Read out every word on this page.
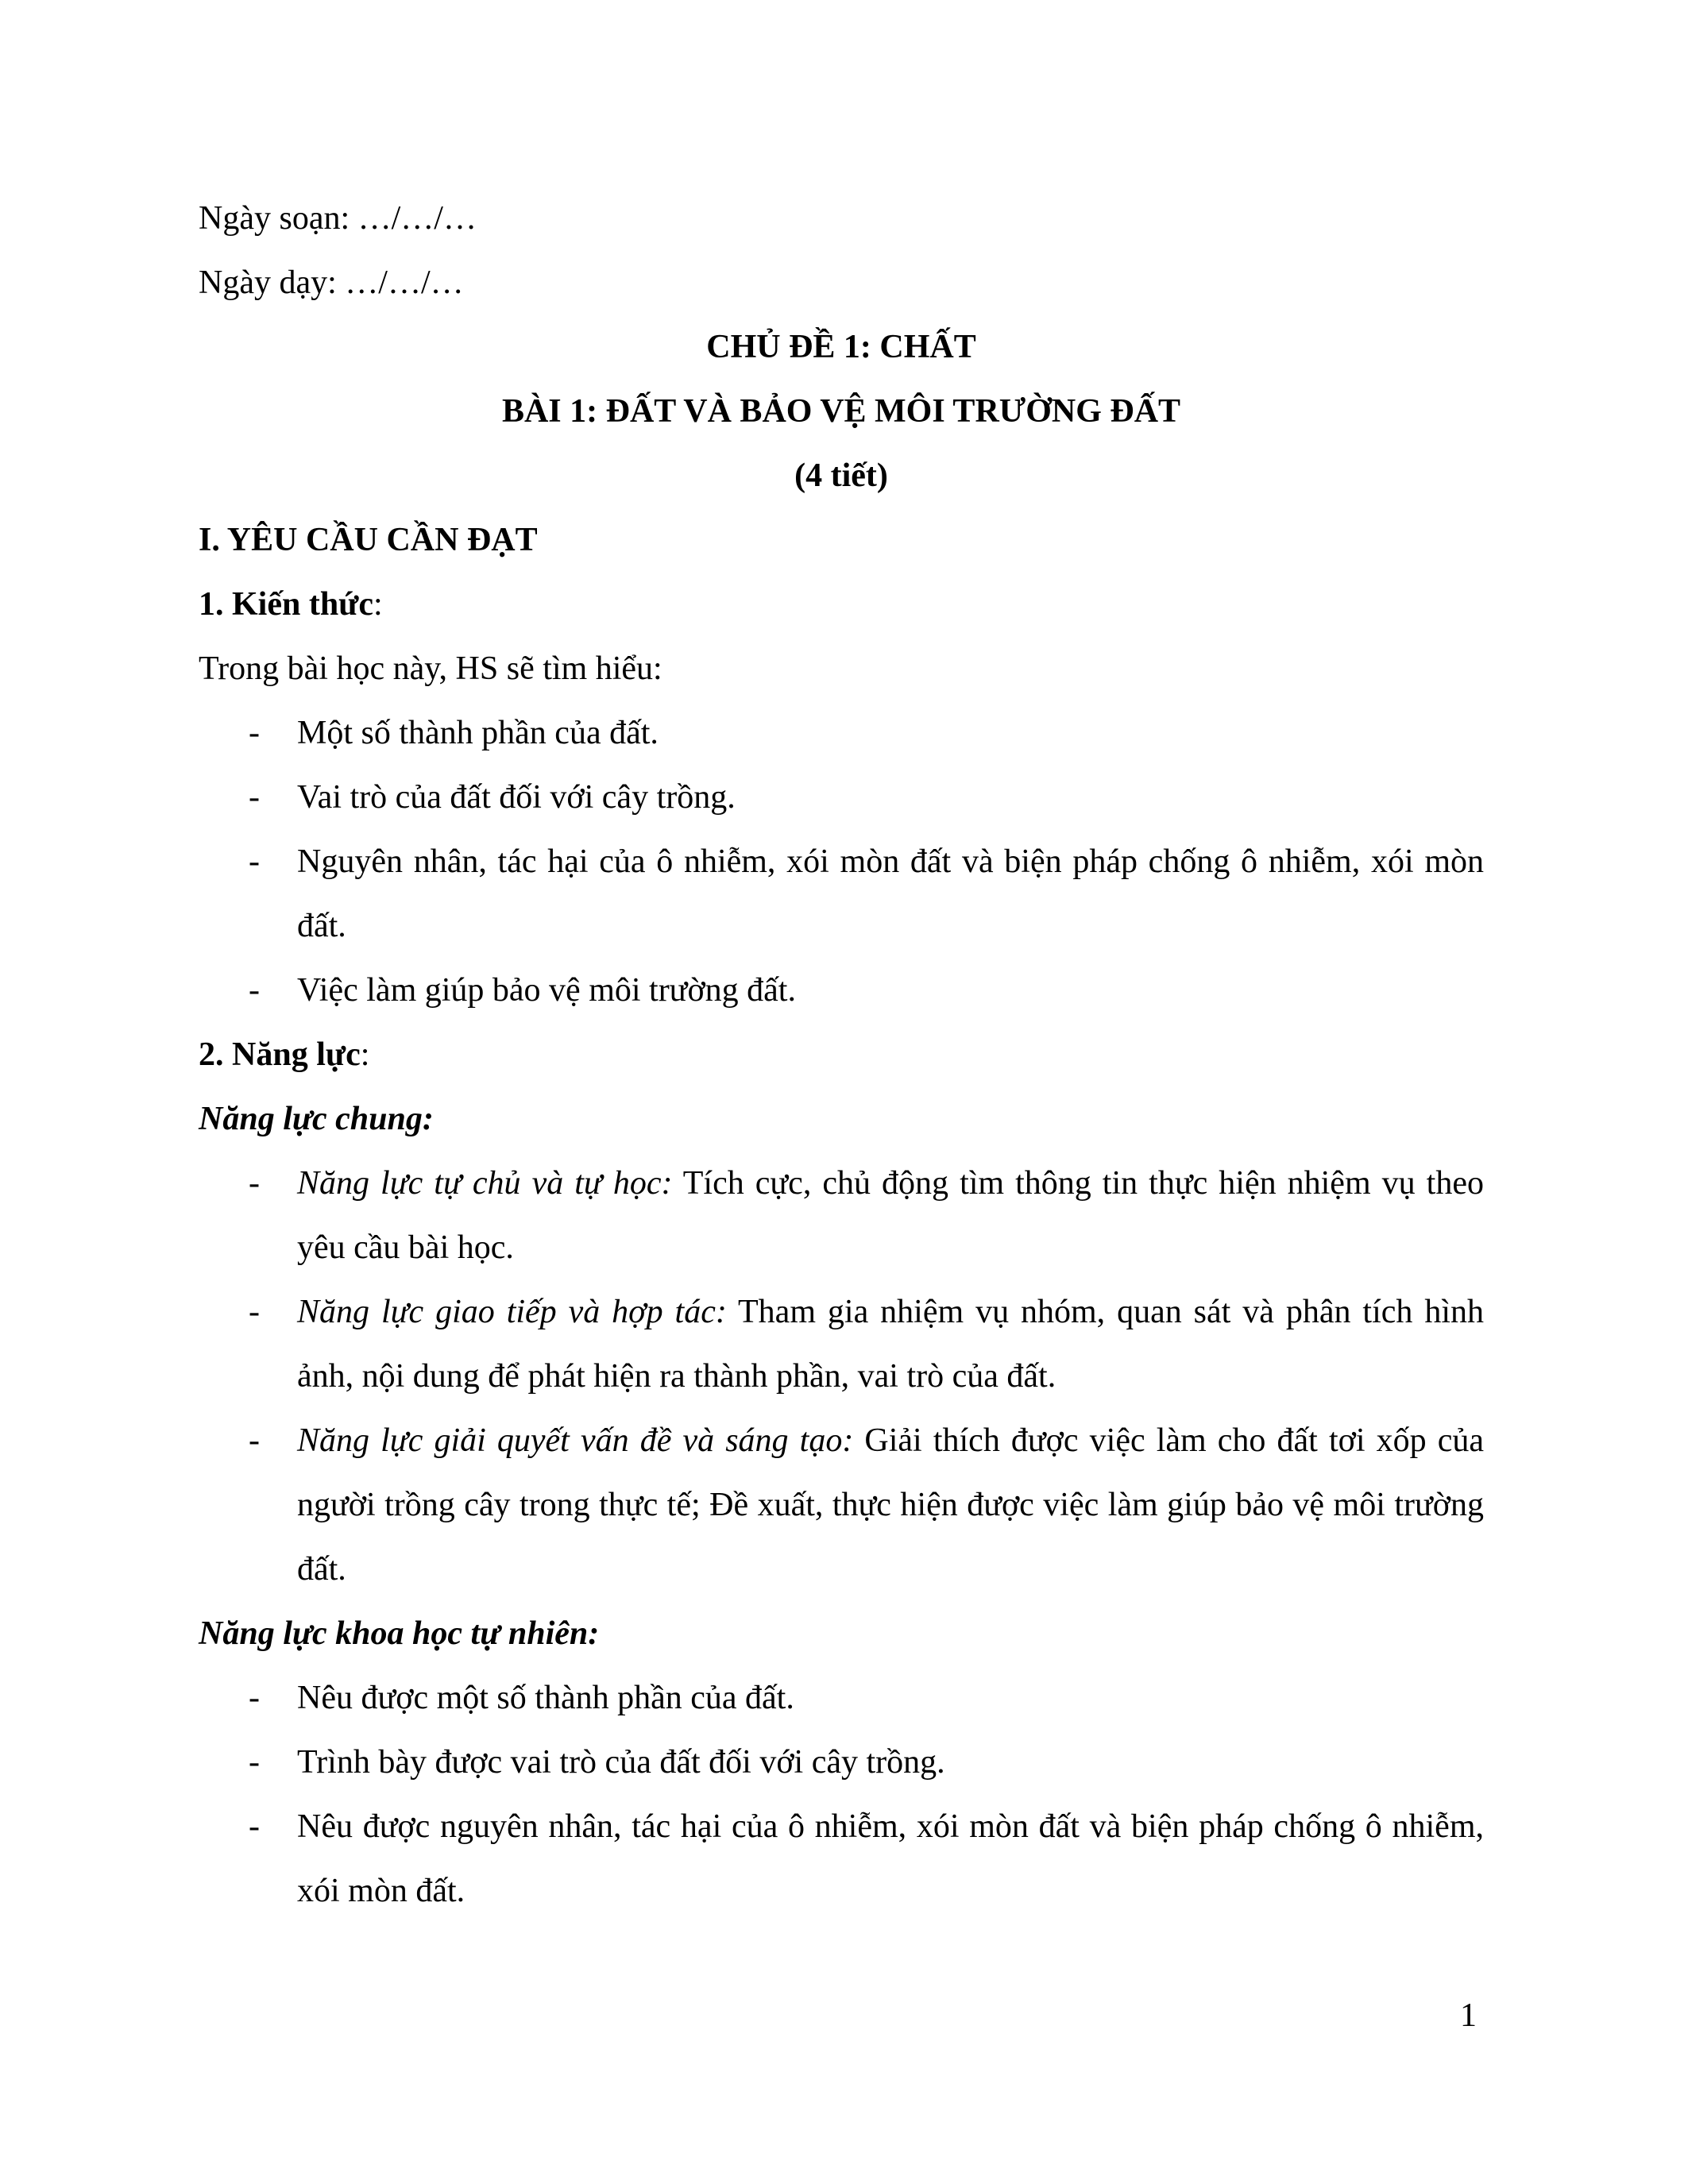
Ngày soạn: …/…/…

Ngày dạy: …/…/…

CHỦ ĐỀ 1: CHẤT

BÀI 1: ĐẤT VÀ BẢO VỆ MÔI TRƯỜNG ĐẤT

(4 tiết)

I. YÊU CẦU CẦN ĐẠT

1. Kiến thức:

Trong bài học này, HS sẽ tìm hiểu:

- Một số thành phần của đất.
- Vai trò của đất đối với cây trồng.
- Nguyên nhân, tác hại của ô nhiễm, xói mòn đất và biện pháp chống ô nhiễm, xói mòn đất.
- Việc làm giúp bảo vệ môi trường đất.

2. Năng lực:

Năng lực chung:

- Năng lực tự chủ và tự học: Tích cực, chủ động tìm thông tin thực hiện nhiệm vụ theo yêu cầu bài học.
- Năng lực giao tiếp và hợp tác: Tham gia nhiệm vụ nhóm, quan sát và phân tích hình ảnh, nội dung để phát hiện ra thành phần, vai trò của đất.
- Năng lực giải quyết vấn đề và sáng tạo: Giải thích được việc làm cho đất tơi xốp của người trồng cây trong thực tế; Đề xuất, thực hiện được việc làm giúp bảo vệ môi trường đất.

Năng lực khoa học tự nhiên:

- Nêu được một số thành phần của đất.
- Trình bày được vai trò của đất đối với cây trồng.
- Nêu được nguyên nhân, tác hại của ô nhiễm, xói mòn đất và biện pháp chống ô nhiễm, xói mòn đất.
1
